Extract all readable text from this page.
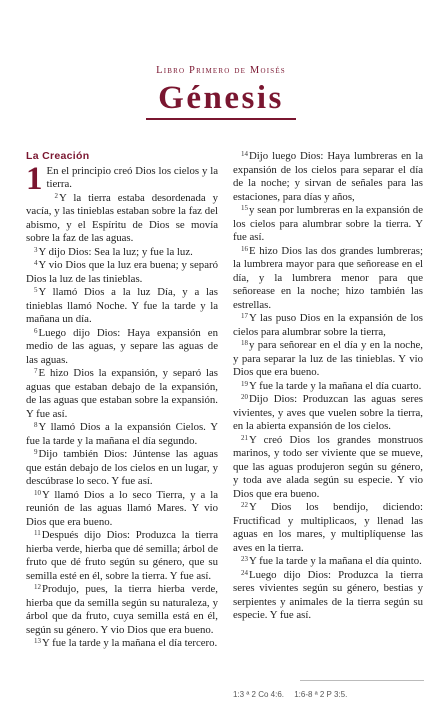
Libro Primero de Moisés
Génesis
La Creación

1 En el principio creó Dios los cielos y la tierra.

$^2$Y la tierra estaba desordenada y vacía, y las tinieblas estaban sobre la faz del abismo, y el Espíritu de Dios se movía sobre la faz de las aguas.

$^3$Y dijo Dios: Sea la luz; y fue la luz.

$^4$Y vio Dios que la luz era buena; y separó Dios la luz de las tinieblas.

$^5$Y llamó Dios a la luz Día, y a las tinieblas llamó Noche. Y fue la tarde y la mañana un día.

$^6$Luego dijo Dios: Haya expansión en medio de las aguas, y separe las aguas de las aguas.

$^7$E hizo Dios la expansión, y separó las aguas que estaban debajo de la expansión, de las aguas que estaban sobre la expansión. Y fue así.

$^8$Y llamó Dios a la expansión Cielos. Y fue la tarde y la mañana el día segundo.

$^9$Dijo también Dios: Júntense las aguas que están debajo de los cielos en un lugar, y descúbrase lo seco. Y fue así.

$^{10}$Y llamó Dios a lo seco Tierra, y a la reunión de las aguas llamó Mares. Y vio Dios que era bueno.

$^{11}$Después dijo Dios: Produzca la tierra hierba verde, hierba que dé semilla; árbol de fruto que dé fruto según su género, que su semilla esté en él, sobre la tierra. Y fue así.

$^{12}$Produjo, pues, la tierra hierba verde, hierba que da semilla según su naturaleza, y árbol que da fruto, cuya semilla está en él, según su género. Y vio Dios que era bueno.

$^{13}$Y fue la tarde y la mañana el día tercero.

$^{14}$Dijo luego Dios: Haya lumbreras en la expansión de los cielos para separar el día de la noche; y sirvan de señales para las estaciones, para días y años,

$^{15}$y sean por lumbreras en la expansión de los cielos para alumbrar sobre la tierra. Y fue así.

$^{16}$E hizo Dios las dos grandes lumbreras; la lumbrera mayor para que señorease en el día, y la lumbrera menor para que señorease en la noche; hizo también las estrellas.

$^{17}$Y las puso Dios en la expansión de los cielos para alumbrar sobre la tierra,

$^{18}$y para señorear en el día y en la noche, y para separar la luz de las tinieblas. Y vio Dios que era bueno.

$^{19}$Y fue la tarde y la mañana el día cuarto.

$^{20}$Dijo Dios: Produzcan las aguas seres vivientes, y aves que vuelen sobre la tierra, en la abierta expansión de los cielos.

$^{21}$Y creó Dios los grandes monstruos marinos, y todo ser viviente que se mueve, que las aguas produjeron según su género, y toda ave alada según su especie. Y vio Dios que era bueno.

$^{22}$Y Dios los bendijo, diciendo: Fructificad y multiplicaos, y llenad las aguas en los mares, y multiplíquense las aves en la tierra.

$^{23}$Y fue la tarde y la mañana el día quinto.

$^{24}$Luego dijo Dios: Produzca la tierra seres vivientes según su género, bestias y serpientes y animales de la tierra según su especie. Y fue así.

1:3 ª 2 Co 4:6. 1:6-8 ª 2 P 3:5.
